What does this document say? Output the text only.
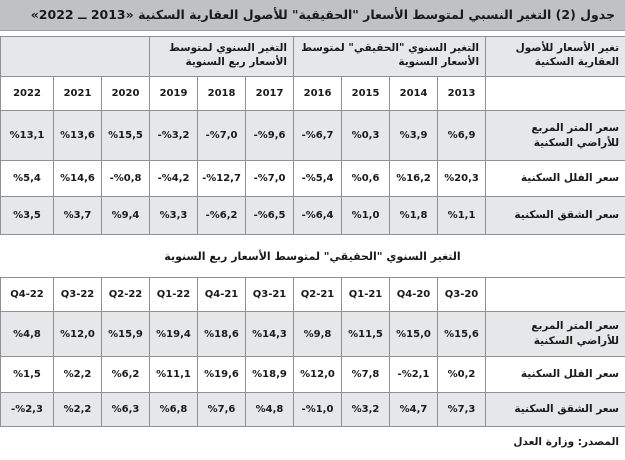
جدول (2) التغير النسبي لمتوسط الأسعار "الحقيقية" للأصول العقارية السكنية «2013 ــ 2022»
تغير الأسعار للأصول العقارية السكنية	التغير السنوي "الحقيقي" لمتوسط الأسعار السنوية				التغير السنوي لمتوسط الأسعار ربع السنوية					
	2013	2014	2015	2016	2017	2018	2019	2020	2021	2022
سعر المتر المربع للأراضي السكنية	%6,9	%3,9	%0,3	%6,7-	%9,6-	%7,0-	%3,2-	%15,5	%13,6	%13,1
سعر الفلل السكنية	%20,3	%16,2	%0,6	%5,4-	%7,0-	%12,7-	%4,2-	%0,8-	%14,6	%5,4
سعر الشقق السكنية	%1,1	%1,8	%1,0	%6,4-	%6,5-	%6,2-	%3,3	%9,4	%3,7	%3,5
التغير السنوي "الحقيقي" لمتوسط الأسعار ربع السنوية
	20-Q3	20-Q4	21-Q1	21-Q2	21-Q3	21-Q4	22-Q1	22-Q2	22-Q3	22-Q4
سعر المتر المربع للأراضي السكنية	%15,6	%15,0	%11,5	%9,8	%14,3	%18,6	%19,4	%15,9	%12,0	%4,8
سعر الفلل السكنية	%0,2	%2,1-	%7,8	%12,0	%18,9	%19,6	%11,1	%6,2	%2,2	%1,5
سعر الشقق السكنية	%7,3	%4,7	%3,2	%1,0-	%4,8	%7,6	%6,8	%6,3	%2,2	%2,3-
المصدر: وزارة العدل
